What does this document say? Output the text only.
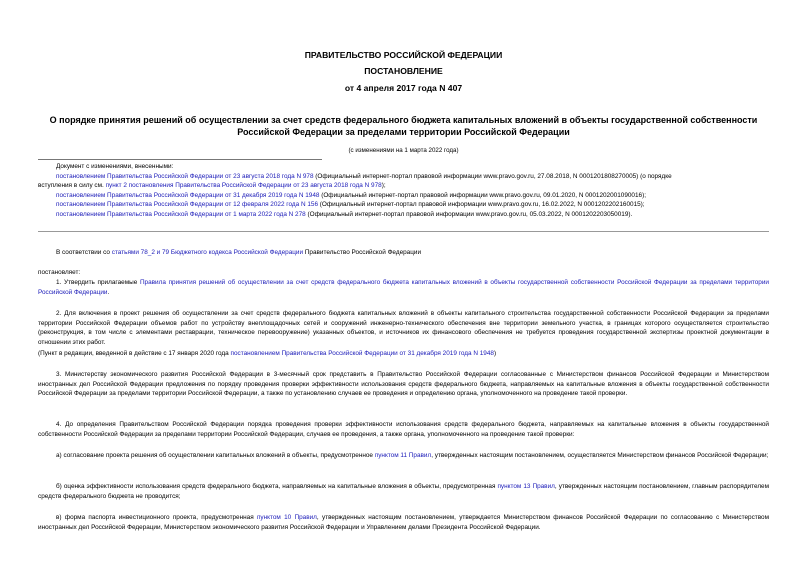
ПРАВИТЕЛЬСТВО РОССИЙСКОЙ ФЕДЕРАЦИИ
ПОСТАНОВЛЕНИЕ
от 4 апреля 2017 года N 407
О порядке принятия решений об осуществлении за счет средств федерального бюджета капитальных вложений в объекты государственной собственности
Российской Федерации за пределами территории Российской Федерации
(с изменениями на 1 марта 2022 года)
Документ с изменениями, внесенными:
постановлением Правительства Российской Федерации от 23 августа 2018 года N 978 (Официальный интернет-портал правовой информации www.pravo.gov.ru, 27.08.2018, N 0001201808270005) (о порядке
вступления в силу см. пункт 2 постановления Правительства Российской Федерации от 23 августа 2018 года N 978);
постановлением Правительства Российской Федерации от 31 декабря 2019 года N 1948 (Официальный интернет-портал правовой информации www.pravo.gov.ru, 09.01.2020, N 0001202001090016);
постановлением Правительства Российской Федерации от 12 февраля 2022 года N 156 (Официальный интернет-портал правовой информации www.pravo.gov.ru, 16.02.2022, N 0001202202160015);
постановлением Правительства Российской Федерации от 1 марта 2022 года N 278 (Официальный интернет-портал правовой информации www.pravo.gov.ru, 05.03.2022, N 0001202203050019).
В соответствии со статьями 78_2 и 79 Бюджетного кодекса Российской Федерации Правительство Российской Федерации
постановляет:
1. Утвердить прилагаемые Правила принятия решений об осуществлении за счет средств федерального бюджета капитальных вложений в объекты государственной собственности Российской Федерации за пределами территории Российской Федерации.
2. Для включения в проект решения об осуществлении за счет средств федерального бюджета капитальных вложений в объекты капитального строительства государственной собственности Российской Федерации за пределами территории Российской Федерации объемов работ по устройству внеплощадочных сетей и сооружений инженерно-технического обеспечения вне территории земельного участка, в границах которого осуществляется строительство (реконструкция, в том числе с элементами реставрации, техническое перевооружение) указанных объектов, и источников их финансового обеспечения не требуется проведения государственной экспертизы проектной документации в отношении этих работ.
(Пункт в редакции, введенной в действие с 17 января 2020 года постановлением Правительства Российской Федерации от 31 декабря 2019 года N 1948)
3. Министерству экономического развития Российской Федерации в 3-месячный срок представить в Правительство Российской Федерации согласованные с Министерством финансов Российской Федерации и Министерством иностранных дел Российской Федерации предложения по порядку проведения проверки эффективности использования средств федерального бюджета, направляемых на капитальные вложения в объекты государственной собственности Российской Федерации за пределами территории Российской Федерации, а также по установлению случаев ее проведения и определению органа, уполномоченного на проведение такой проверки.
4. До определения Правительством Российской Федерации порядка проведения проверки эффективности использования средств федерального бюджета, направляемых на капитальные вложения в объекты государственной собственности Российской Федерации за пределами территории Российской Федерации, случаев ее проведения, а также органа, уполномоченного на проведение такой проверки:
а) согласование проекта решения об осуществлении капитальных вложений в объекты, предусмотренное пунктом 11 Правил, утвержденных настоящим постановлением, осуществляется Министерством финансов Российской Федерации;
б) оценка эффективности использования средств федерального бюджета, направляемых на капитальные вложения в объекты, предусмотренная пунктом 13 Правил, утвержденных настоящим постановлением, главным распорядителем средств федерального бюджета не проводится;
в) форма паспорта инвестиционного проекта, предусмотренная пунктом 10 Правил, утвержденных настоящим постановлением, утверждается Министерством финансов Российской Федерации по согласованию с Министерством иностранных дел Российской Федерации, Министерством экономического развития Российской Федерации и Управлением делами Президента Российской Федерации.
